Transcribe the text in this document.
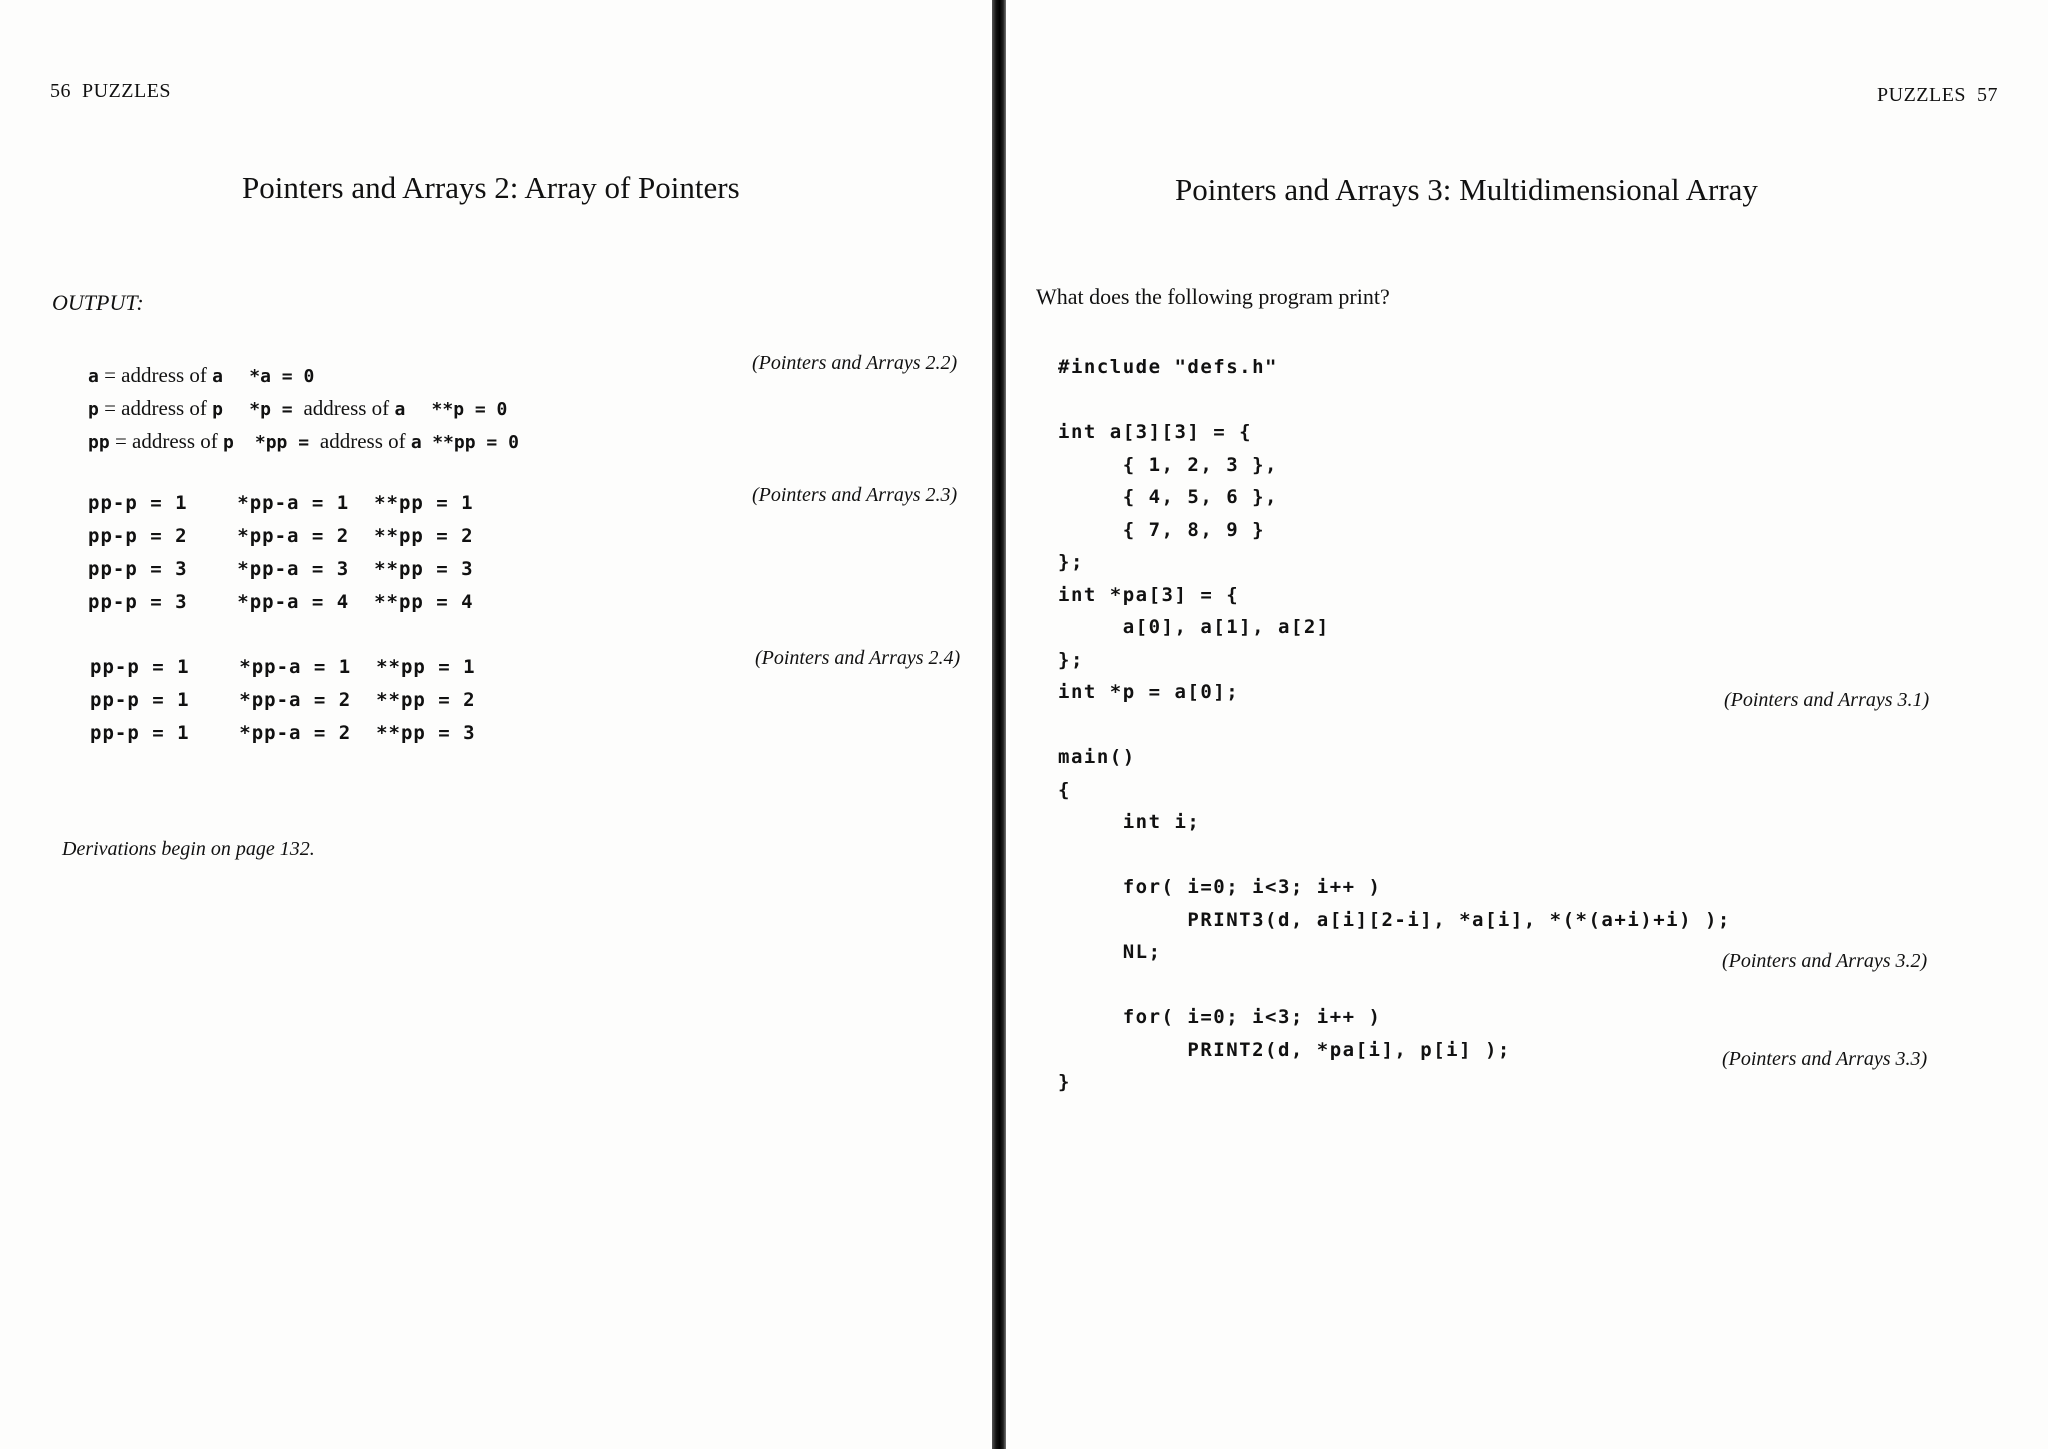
56  PUZZLES
Pointers and Arrays 2: Array of Pointers
OUTPUT:
(Pointers and Arrays 2.2)
a = address of a *a = 0
p = address of p *p = address of a **p = 0
pp = address of p *pp = address of a **pp = 0
(Pointers and Arrays 2.3)
pp-p = 1    *pp-a = 1  **pp = 1
pp-p = 2    *pp-a = 2  **pp = 2
pp-p = 3    *pp-a = 3  **pp = 3
pp-p = 3    *pp-a = 4  **pp = 4
(Pointers and Arrays 2.4)
pp-p = 1    *pp-a = 1  **pp = 1
pp-p = 1    *pp-a = 2  **pp = 2
pp-p = 1    *pp-a = 2  **pp = 3
Derivations begin on page 132.
PUZZLES  57
Pointers and Arrays 3: Multidimensional Array
What does the following program print?
#include "defs.h"
int a[3][3] = {
{ 1, 2, 3 },
{ 4, 5, 6 },
{ 7, 8, 9 }
};
int *pa[3] = {
a[0], a[1], a[2]
};
int *p = a[0];
main()
{
int i;
for( i=0; i<3; i++ )
PRINT3(d, a[i][2-i], *a[i], *(*(a+i)+i) );
NL;
for( i=0; i<3; i++ )
PRINT2(d, *pa[i], p[i] );
}
(Pointers and Arrays 3.1)
(Pointers and Arrays 3.2)
(Pointers and Arrays 3.3)
